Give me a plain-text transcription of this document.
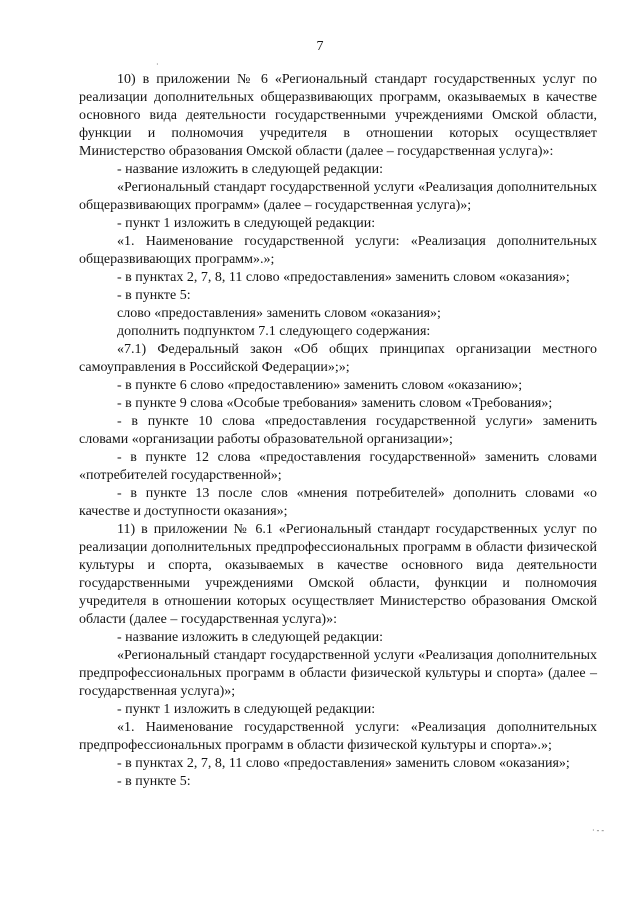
7

10) в приложении № 6 «Региональный стандарт государственных услуг по реализации дополнительных общеразвивающих программ, оказываемых в качестве основного вида деятельности государственными учреждениями Омской области, функции и полномочия учредителя в отношении которых осуществляет Министерство образования Омской области (далее – государственная услуга)»:

- название изложить в следующей редакции:

«Региональный стандарт государственной услуги «Реализация дополнительных общеразвивающих программ» (далее – государственная услуга)»;

- пункт 1 изложить в следующей редакции:

«1. Наименование государственной услуги: «Реализация дополнительных общеразвивающих программ».»;

- в пунктах 2, 7, 8, 11 слово «предоставления» заменить словом «оказания»;

- в пункте 5:

слово «предоставления» заменить словом «оказания»;

дополнить подпунктом 7.1 следующего содержания:

«7.1) Федеральный закон «Об общих принципах организации местного самоуправления в Российской Федерации»;»;

- в пункте 6 слово «предоставлению» заменить словом «оказанию»;

- в пункте 9 слова «Особые требования» заменить словом «Требования»;

- в пункте 10 слова «предоставления государственной услуги» заменить словами «организации работы образовательной организации»;

- в пункте 12 слова «предоставления государственной» заменить словами «потребителей государственной»;

- в пункте 13 после слов «мнения потребителей» дополнить словами «о качестве и доступности оказания»;

11) в приложении № 6.1 «Региональный стандарт государственных услуг по реализации дополнительных предпрофессиональных программ в области физической культуры и спорта, оказываемых в качестве основного вида деятельности государственными учреждениями Омской области, функции и полномочия учредителя в отношении которых осуществляет Министерство образования Омской области (далее – государственная услуга)»:

- название изложить в следующей редакции:

«Региональный стандарт государственной услуги «Реализация дополнительных предпрофессиональных программ в области физической культуры и спорта» (далее – государственная услуга)»;

- пункт 1 изложить в следующей редакции:

«1. Наименование государственной услуги: «Реализация дополнительных предпрофессиональных программ в области физической культуры и спорта».»;

- в пунктах 2, 7, 8, 11 слово «предоставления» заменить словом «оказания»;

- в пункте 5:

·
· ‐ ‐
